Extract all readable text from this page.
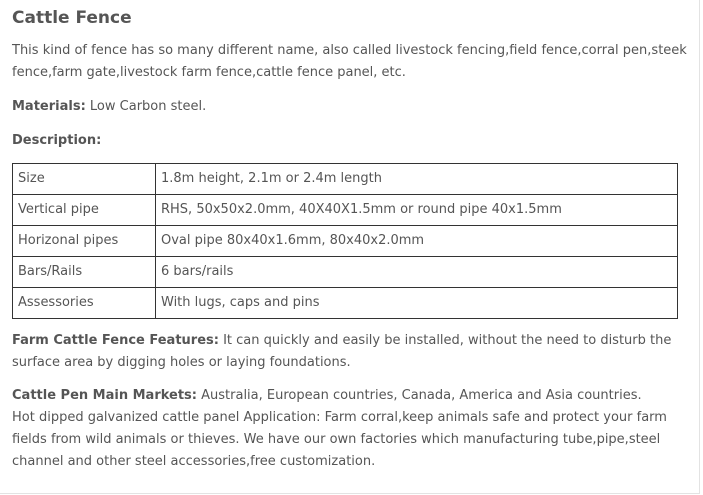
Cattle Fence

This kind of fence has so many different name, also called livestock fencing,field fence,corral pen,steek fence,farm gate,livestock farm fence,cattle fence panel, etc.

Materials: Low Carbon steel.

Description:

Size	1.8m height, 2.1m or 2.4m length
Vertical pipe	RHS, 50x50x2.0mm, 40X40X1.5mm or round pipe 40x1.5mm
Horizonal pipes	Oval pipe 80x40x1.6mm, 80x40x2.0mm
Bars/Rails	6 bars/rails
Assessories	With lugs, caps and pins

Farm Cattle Fence Features: It can quickly and easily be installed, without the need to disturb the surface area by digging holes or laying foundations.

Cattle Pen Main Markets: Australia, European countries, Canada, America and Asia countries.

Hot dipped galvanized cattle panel Application: Farm corral,keep animals safe and protect your farm fields from wild animals or thieves. We have our own factories which manufacturing tube,pipe,steel channel and other steel accessories,free customization.
